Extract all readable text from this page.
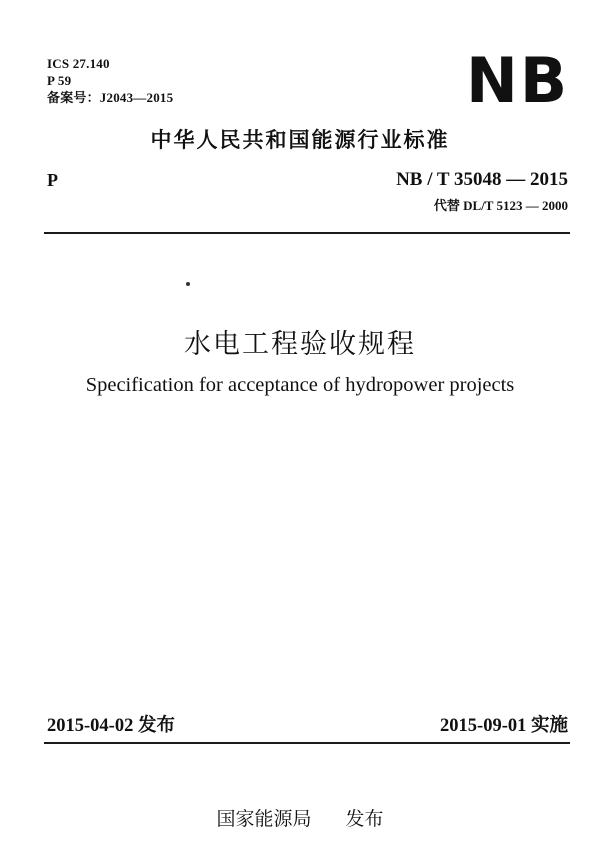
ICS 27.140
P 59
备案号：J2043—2015	NB
中华人民共和国能源行业标准
P	NB / T 35048 — 2015
代替 DL/T 5123 — 2000
水电工程验收规程
Specification for acceptance of hydropower projects
2015-04-02 发布	2015-09-01 实施
国家能源局 发布
